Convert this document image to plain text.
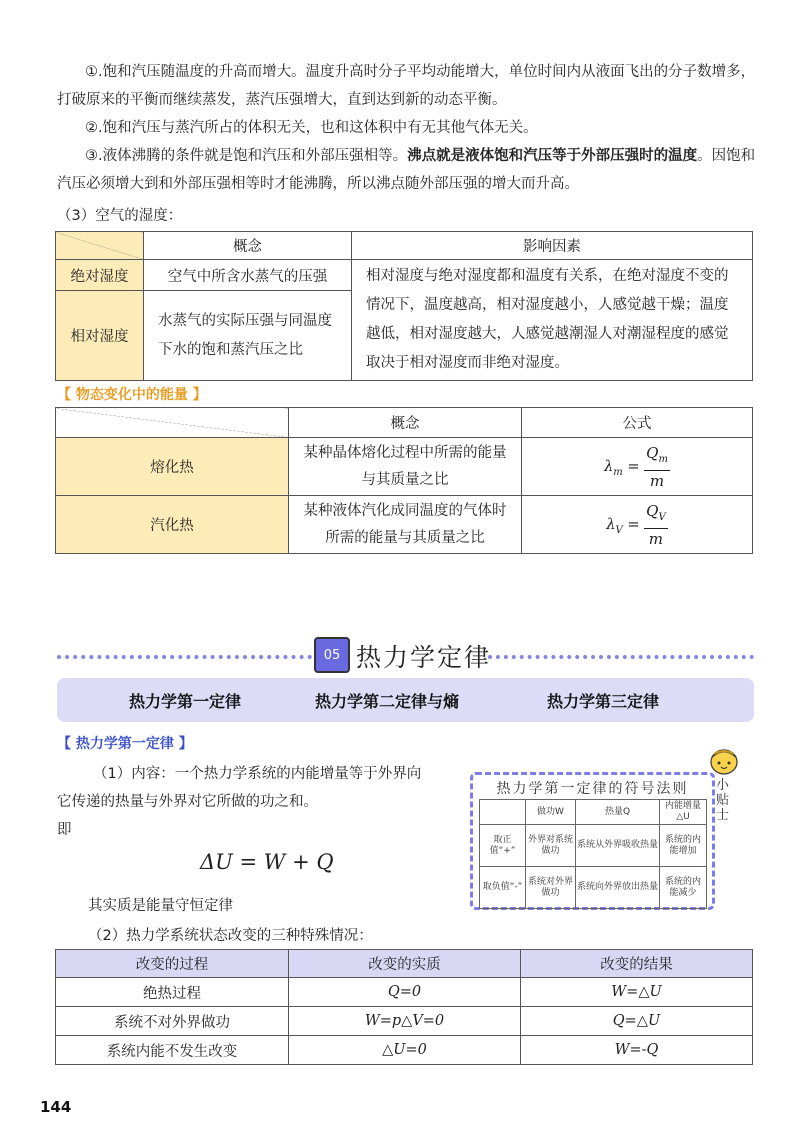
①.饱和汽压随温度的升高而增大。温度升高时分子平均动能增大，单位时间内从液面飞出的分子数增多，打破原来的平衡而继续蒸发，蒸汽压强增大，直到达到新的动态平衡。
②.饱和汽压与蒸汽所占的体积无关，也和这体积中有无其他气体无关。
③.液体沸腾的条件就是饱和汽压和外部压强相等。沸点就是液体饱和汽压等于外部压强时的温度。因饱和汽压必须增大到和外部压强相等时才能沸腾，所以沸点随外部压强的增大而升高。
（3）空气的湿度：
	概念	影响因素
绝对湿度	空气中所含水蒸气的压强	相对湿度与绝对湿度都和温度有关系，在绝对湿度不变的情况下，温度越高，相对湿度越小，人感觉越干燥；温度越低，相对湿度越大，人感觉越潮湿人对潮湿程度的感觉取决于相对湿度而非绝对湿度。
相对湿度	水蒸气的实际压强与同温度下水的饱和蒸汽压之比	
【 物态变化中的能量 】
	概念	公式
熔化热	某种晶体熔化过程中所需的能量与其质量之比	$\lambda_m = \frac{Q_m}{m}$

汽化热	某种液体汽化成同温度的气体时所需的能量与其质量之比	$\lambda_V = \frac{Q_V}{m}$
05 热力学定律
热力学第一定律	热力学第二定律与熵	热力学第三定律
【 热力学第一定律 】
（1）内容：一个热力学系统的内能增量等于外界向
它传递的热量与外界对它所做的功之和。
即
ΔU = W + Q
其实质是能量守恒定律
（2）热力学系统状态改变的三种特殊情况：
小贴士
热力学第一定律的符号法则
	做功W	热量Q	内能增量△U
取正值“+”	外界对系统做功	系统从外界吸收热量	系统的内能增加
取负值“-”	系统对外界做功	系统向外界放出热量	系统的内能减少
改变的过程	改变的实质	改变的结果
绝热过程	Q=0	W=△U
系统不对外界做功	W=p△V=0	Q=△U
系统内能不发生改变	△U=0	W=-Q
144
